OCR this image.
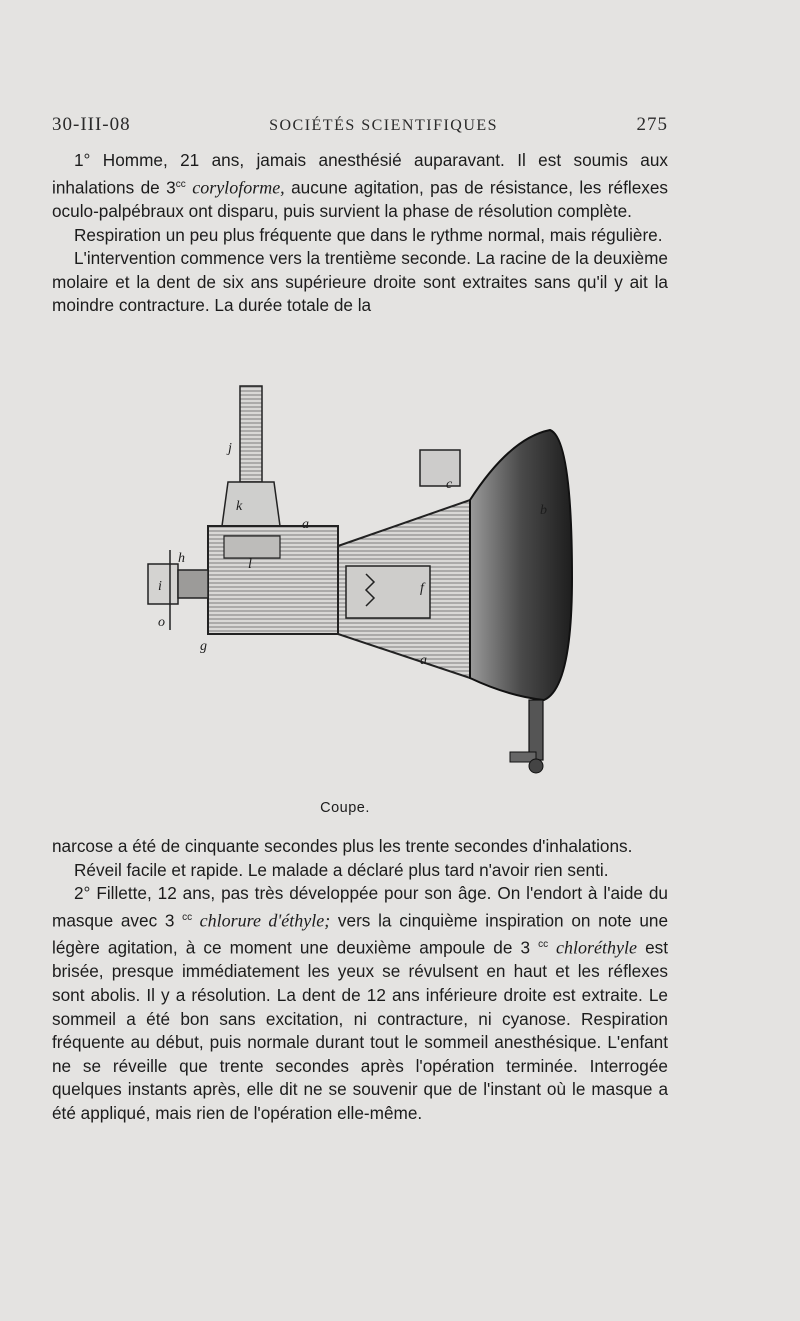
30-III-08	SOCIÉTÉS SCIENTIFIQUES	275

1° Homme, 21 ans, jamais anesthésié auparavant. Il est soumis aux inhalations de $3^{cc}$ coryloforme, aucune agitation, pas de résistance, les réflexes oculo-palpébraux ont disparu, puis survient la phase de résolution complète.

Respiration un peu plus fréquente que dans le rythme normal, mais régulière.

L'intervention commence vers la trentième seconde. La racine de la deuxième molaire et la dent de six ans supérieure droite sont extraites sans qu'il y ait la moindre contracture. La durée totale de la

j
k
a
b
c
h
i
l
f
o
g
a
Coupe.

narcose a été de cinquante secondes plus les trente secondes d'inhalations.

Réveil facile et rapide. Le malade a déclaré plus tard n'avoir rien senti.

2° Fillette, 12 ans, pas très développée pour son âge. On l'endort à l'aide du masque avec 3 $^{cc}$ chlorure d'éthyle; vers la cinquième inspiration on note une légère agitation, à ce moment une deuxième ampoule de 3 $^{cc}$ chloréthyle est brisée, presque immédiatement les yeux se révulsent en haut et les réflexes sont abolis. Il y a résolution. La dent de 12 ans inférieure droite est extraite. Le sommeil a été bon sans excitation, ni contracture, ni cyanose. Respiration fréquente au début, puis normale durant tout le sommeil anesthésique. L'enfant ne se réveille que trente secondes après l'opération terminée. Interrogée quelques instants après, elle dit ne se souvenir que de l'instant où le masque a été appliqué, mais rien de l'opération elle-même.
